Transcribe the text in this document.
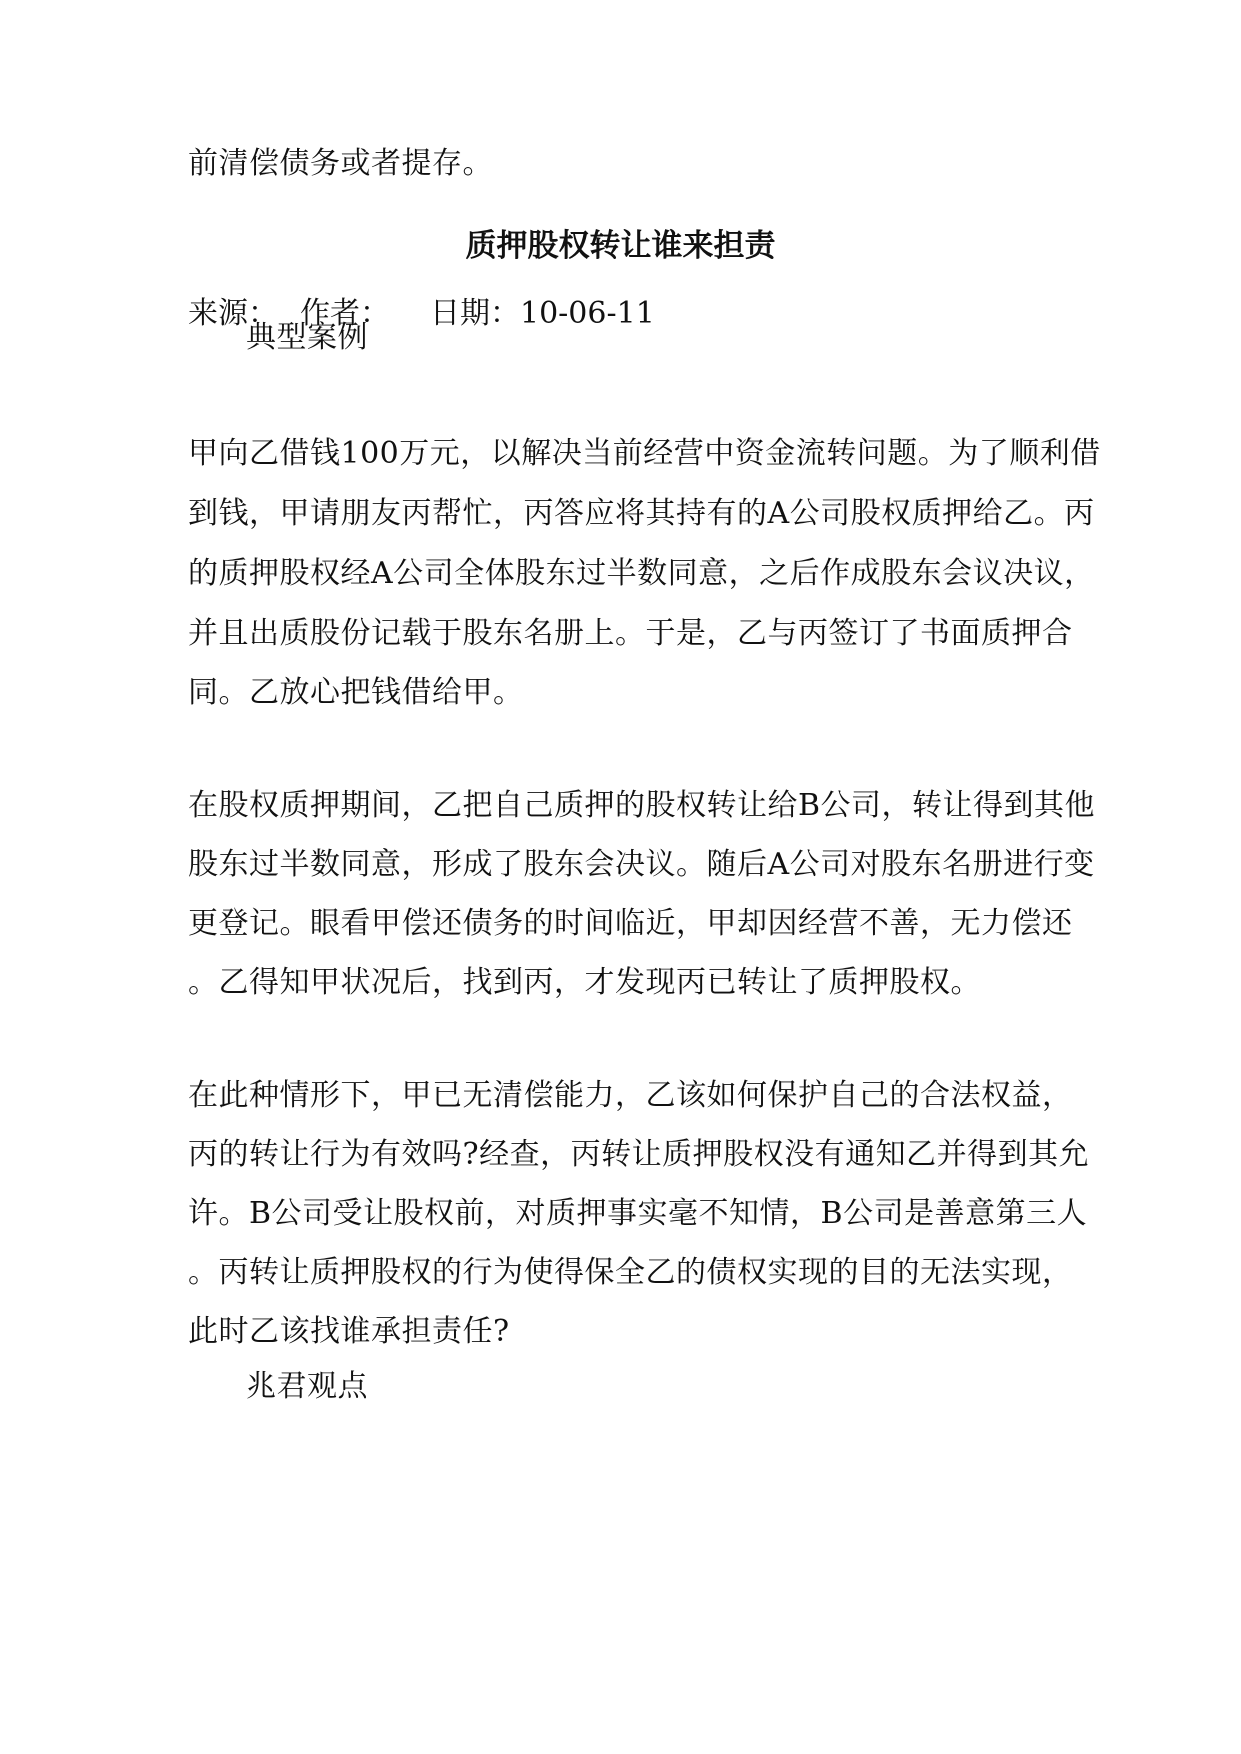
前清偿债务或者提存。
质押股权转让谁来担责
来源： 作者： 日期：10-06-11
典型案例
甲向乙借钱100万元，以解决当前经营中资金流转问题。为了顺利借
到钱，甲请朋友丙帮忙，丙答应将其持有的A公司股权质押给乙。丙
的质押股权经A公司全体股东过半数同意，之后作成股东会议决议，
并且出质股份记载于股东名册上。于是，乙与丙签订了书面质押合
同。乙放心把钱借给甲。
在股权质押期间，乙把自己质押的股权转让给B公司，转让得到其他
股东过半数同意，形成了股东会决议。随后A公司对股东名册进行变
更登记。眼看甲偿还债务的时间临近，甲却因经营不善，无力偿还
。乙得知甲状况后，找到丙，才发现丙已转让了质押股权。
在此种情形下，甲已无清偿能力，乙该如何保护自己的合法权益，
丙的转让行为有效吗?经查，丙转让质押股权没有通知乙并得到其允
许。B公司受让股权前，对质押事实毫不知情，B公司是善意第三人
。丙转让质押股权的行为使得保全乙的债权实现的目的无法实现，
此时乙该找谁承担责任?
兆君观点
